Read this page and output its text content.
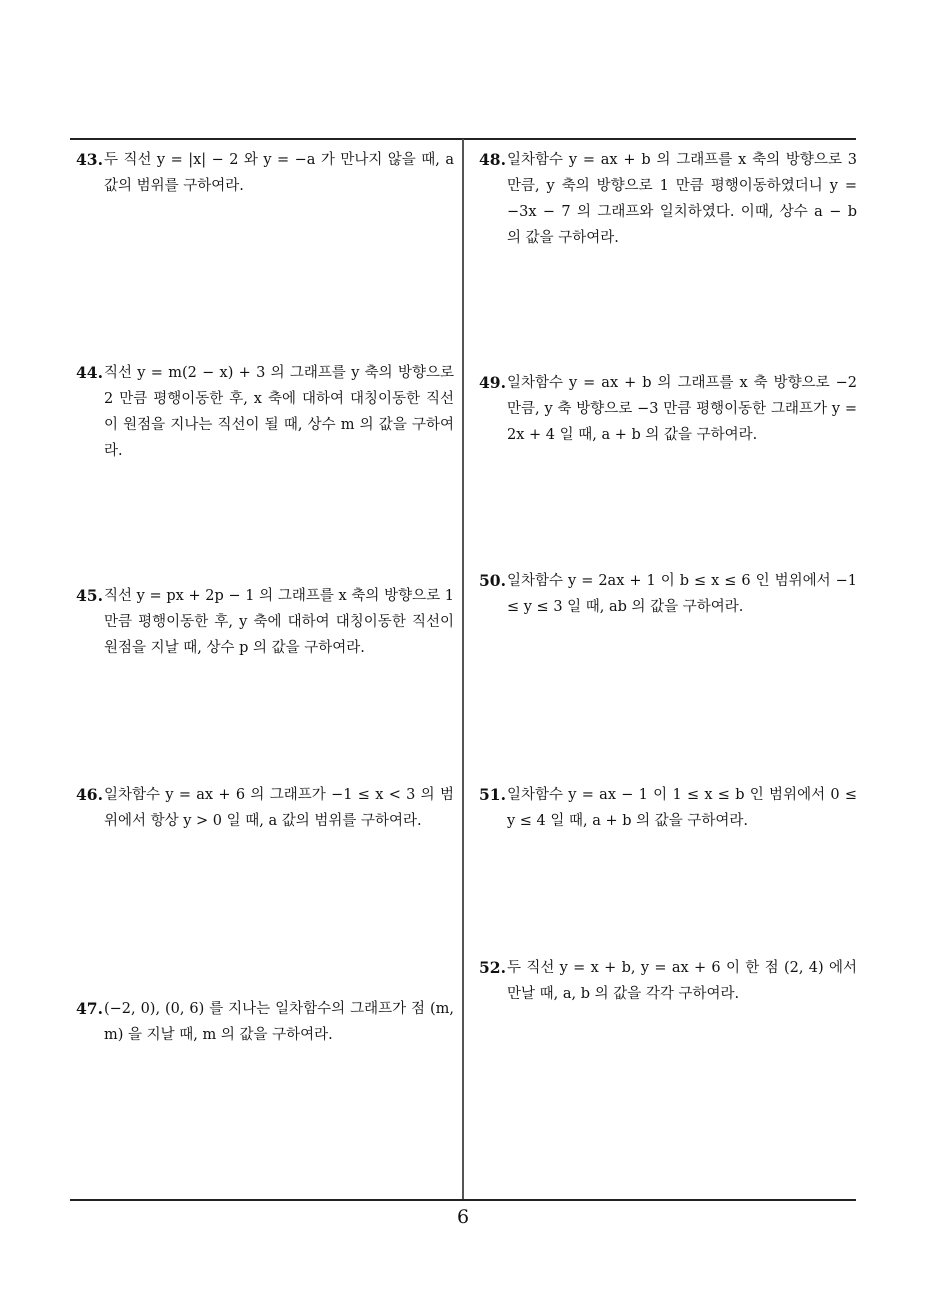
43. 두 직선 y = |x| − 2 와 y = −a 가 만나지 않을 때, a 값의 범위를 구하여라.
44. 직선 y = m(2 − x) + 3 의 그래프를 y 축의 방향으로 2 만큼 평행이동한 후, x 축에 대하여 대칭이동한 직선이 원점을 지나는 직선이 될 때, 상수 m 의 값을 구하여라.
45. 직선 y = px + 2p − 1 의 그래프를 x 축의 방향으로 1 만큼 평행이동한 후, y 축에 대하여 대칭이동한 직선이 원점을 지날 때, 상수 p 의 값을 구하여라.
46. 일차함수 y = ax + 6 의 그래프가 −1 ≤ x < 3 의 범위에서 항상 y > 0 일 때, a 값의 범위를 구하여라.
47. (−2, 0), (0, 6) 를 지나는 일차함수의 그래프가 점 (m, m) 을 지날 때, m 의 값을 구하여라.
48. 일차함수 y = ax + b 의 그래프를 x 축의 방향으로 3 만큼, y 축의 방향으로 1 만큼 평행이동하였더니 y = −3x − 7 의 그래프와 일치하였다. 이때, 상수 a − b 의 값을 구하여라.
49. 일차함수 y = ax + b 의 그래프를 x 축 방향으로 −2 만큼, y 축 방향으로 −3 만큼 평행이동한 그래프가 y = 2x + 4 일 때, a + b 의 값을 구하여라.
50. 일차함수 y = 2ax + 1 이 b ≤ x ≤ 6 인 범위에서 −1 ≤ y ≤ 3 일 때, ab 의 값을 구하여라.
51. 일차함수 y = ax − 1 이 1 ≤ x ≤ b 인 범위에서 0 ≤ y ≤ 4 일 때, a + b 의 값을 구하여라.
52. 두 직선 y = x + b, y = ax + 6 이 한 점 (2, 4) 에서 만날 때, a, b 의 값을 각각 구하여라.
6
